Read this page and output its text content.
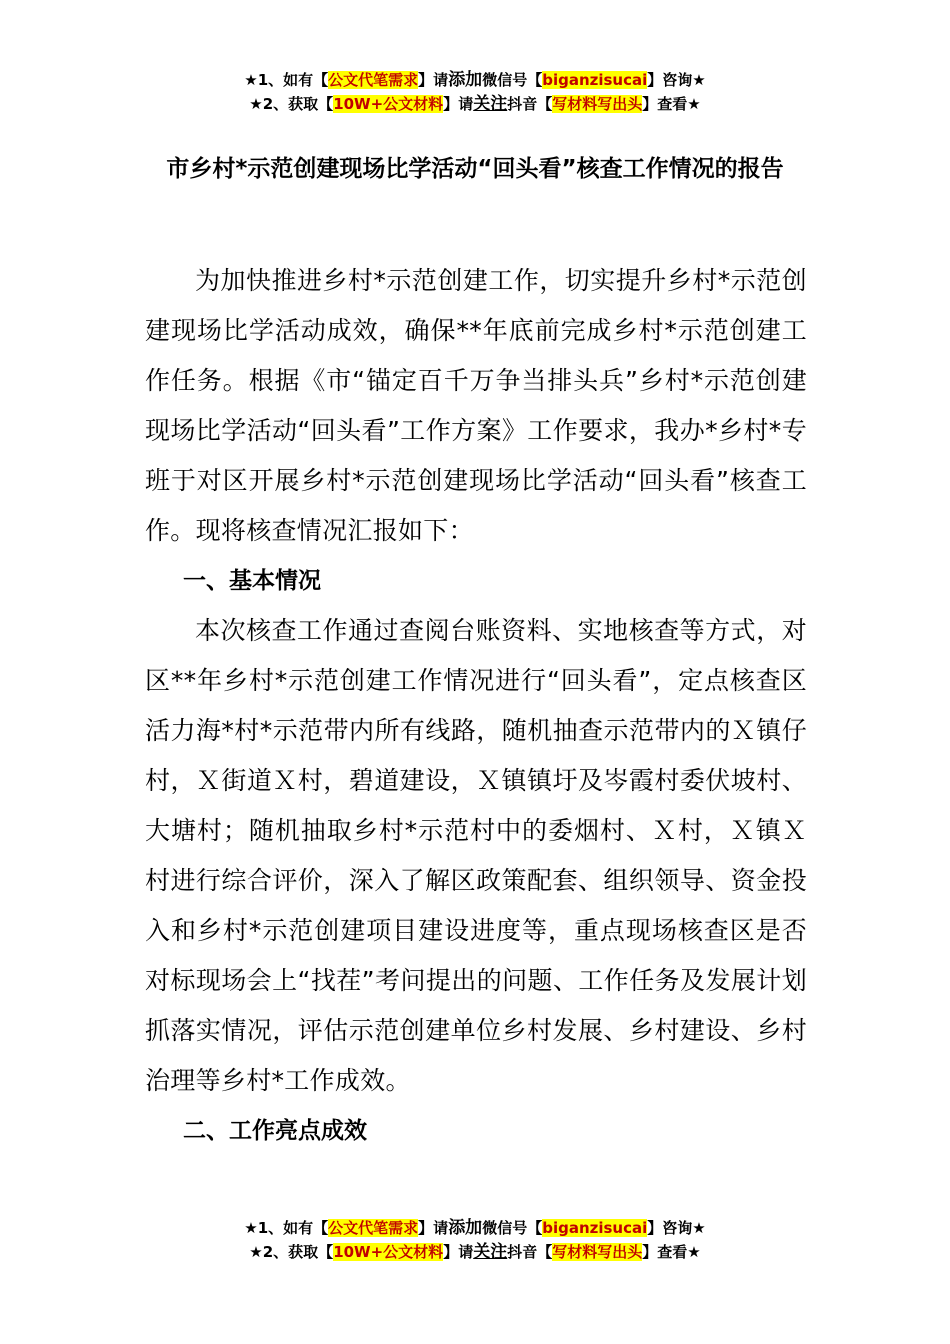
★1、如有【公文代笔需求】请添加微信号【biganzisucai】咨询★
★2、获取【10W+公文材料】请关注抖音【写材料写出头】查看★
市乡村*示范创建现场比学活动“回头看”核查工作情况的报告

为加快推进乡村*示范创建工作，切实提升乡村*示范创建现场比学活动成效，确保**年底前完成乡村*示范创建工作任务。根据《市“锚定百千万争当排头兵”乡村*示范创建现场比学活动“回头看”工作方案》工作要求，我办*乡村*专班于对区开展乡村*示范创建现场比学活动“回头看”核查工作。现将核查情况汇报如下：

一、基本情况

本次核查工作通过查阅台账资料、实地核查等方式，对区**年乡村*示范创建工作情况进行“回头看”，定点核查区活力海*村*示范带内所有线路，随机抽查示范带内的Ｘ镇仔村，Ｘ街道Ｘ村，碧道建设，Ｘ镇镇圩及岑霞村委伏坡村、大塘村；随机抽取乡村*示范村中的委烟村、Ｘ村，Ｘ镇Ｘ村进行综合评价，深入了解区政策配套、组织领导、资金投入和乡村*示范创建项目建设进度等，重点现场核查区是否对标现场会上“找茬”考问提出的问题、工作任务及发展计划抓落实情况，评估示范创建单位乡村发展、乡村建设、乡村治理等乡村*工作成效。

二、工作亮点成效

★1、如有【公文代笔需求】请添加微信号【biganzisucai】咨询★
★2、获取【10W+公文材料】请关注抖音【写材料写出头】查看★
